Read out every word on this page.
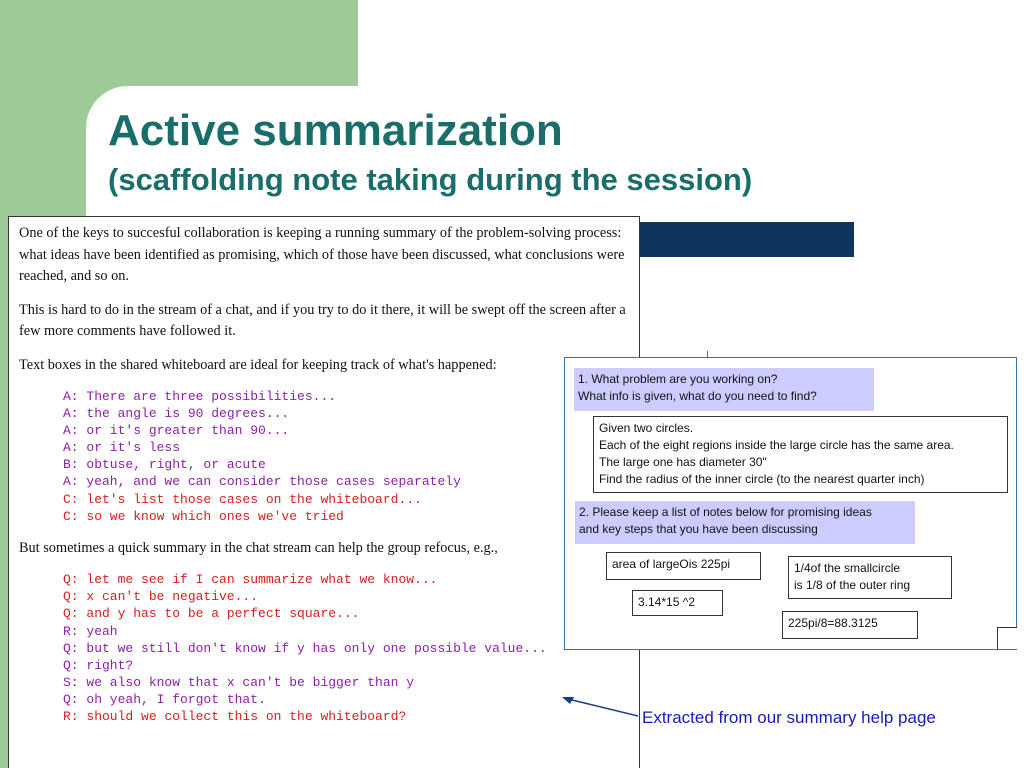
Active summarization
(scaffolding note taking during the session)

One of the keys to succesful collaboration is keeping a running summary of the problem-solving process: what ideas have been identified as promising, which of those have been discussed, what conclusions were reached, and so on.

This is hard to do in the stream of a chat, and if you try to do it there, it will be swept off the screen after a few more comments have followed it.

Text boxes in the shared whiteboard are ideal for keeping track of what's happened:

A: There are three possibilities...
A: the angle is 90 degrees...
A: or it's greater than 90...
A: or it's less
B: obtuse, right, or acute
A: yeah, and we can consider those cases separately
C: let's list those cases on the whiteboard...
C: so we know which ones we've tried

But sometimes a quick summary in the chat stream can help the group refocus, e.g.,

Q: let me see if I can summarize what we know...
Q: x can't be negative...
Q: and y has to be a perfect square...
R: yeah
Q: but we still don't know if y has only one possible value...
Q: right?
S: we also know that x can't be bigger than y
Q: oh yeah, I forgot that.
R: should we collect this on the whiteboard?
1. What problem are you working on?
What info is given, what do you need to find?
Given two circles.
Each of the eight regions inside the large circle has the same area.
The large one has diameter 30"
Find the radius of the inner circle (to the nearest quarter inch)
2. Please keep a list of notes below for promising ideas
and key steps that you have been discussing
area of largeOis 225pi	1/4of the smallcircle
is 1/8 of the outer ring
3.14*15 ^2
225pi/8=88.3125
Extracted from our summary help page
